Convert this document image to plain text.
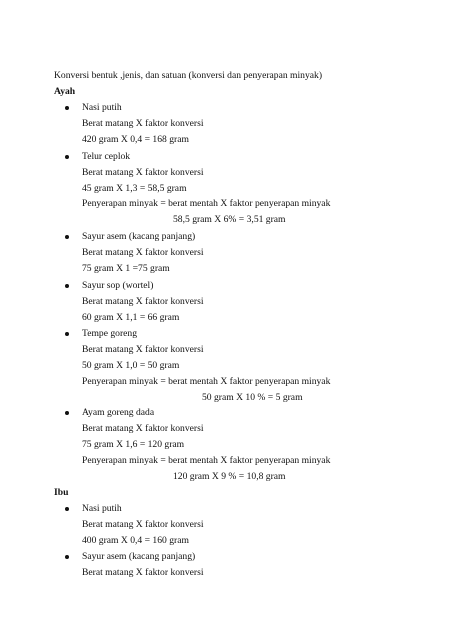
Konversi bentuk ,jenis, dan satuan (konversi dan penyerapan minyak)
Ayah
Nasi putih
Berat matang X faktor konversi
420 gram X 0,4 = 168 gram
Telur ceplok
Berat matang X faktor konversi
45 gram X 1,3 = 58,5 gram
Penyerapan minyak = berat mentah X faktor penyerapan minyak
58,5 gram X 6% = 3,51 gram
Sayur asem (kacang panjang)
Berat matang X faktor konversi
75 gram X 1 =75 gram
Sayur sop (wortel)
Berat matang X faktor konversi
60 gram X 1,1 = 66 gram
Tempe goreng
Berat matang X faktor konversi
50 gram X 1,0 = 50 gram
Penyerapan minyak = berat mentah X faktor penyerapan minyak
50 gram X 10 % = 5 gram
Ayam goreng dada
Berat matang X faktor konversi
75 gram X 1,6 = 120 gram
Penyerapan minyak = berat mentah X faktor penyerapan minyak
120 gram X 9 % = 10,8 gram
Ibu
Nasi putih
Berat matang X faktor konversi
400 gram X 0,4 = 160 gram
Sayur asem (kacang panjang)
Berat matang X faktor konversi
